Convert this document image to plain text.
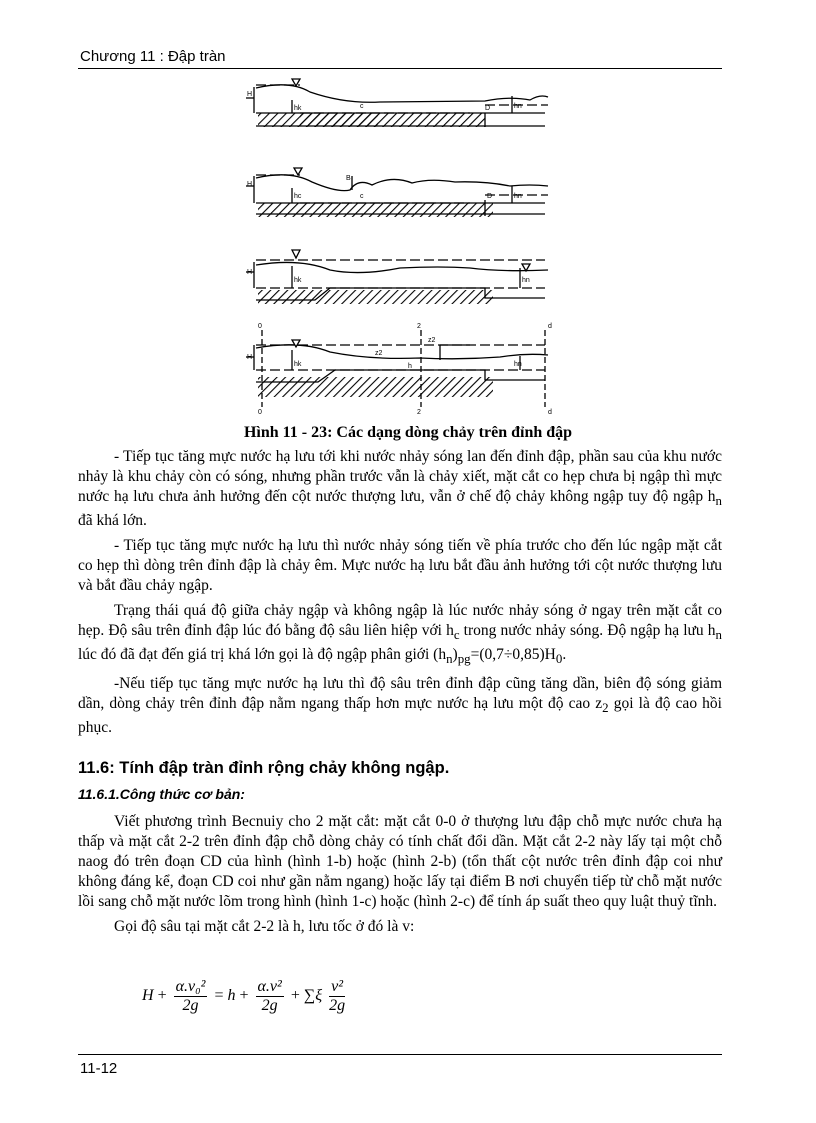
Chương 11 : Đập tràn
H
hk	c	D	hn
H
hc
B
c	D	hn
H
hk	hn
H
hk
z2
z2
h	hn
0
0
2
2
d
d
Hình 11 - 23: Các dạng dòng chảy trên đỉnh đập

- Tiếp tục tăng mực nước hạ lưu tới khi nước nhảy sóng lan đến đỉnh đập, phần sau của khu nước nhảy là khu chảy còn có sóng, nhưng phần trước vẫn là chảy xiết, mặt cắt co hẹp chưa bị ngập thì mực nước hạ lưu chưa ảnh hưởng đến cột nước thượng lưu, vẫn ở chế độ chảy không ngập tuy độ ngập $h_n$ đã khá lớn.

- Tiếp tục tăng mực nước hạ lưu thì nước nhảy sóng tiến về phía trước cho đến lúc ngập mặt cắt co hẹp thì dòng trên đỉnh đập là chảy êm. Mực nước hạ lưu bắt đầu ảnh hưởng tới cột nước thượng lưu và bắt đầu chảy ngập.

Trạng thái quá độ giữa chảy ngập và không ngập là lúc nước nhảy sóng ở ngay trên mặt cắt co hẹp. Độ sâu trên đỉnh đập lúc đó bằng độ sâu liên hiệp với $h_c$ trong nước nhảy sóng. Độ ngập hạ lưu $h_n$ lúc đó đã đạt đến giá trị khá lớn gọi là độ ngập phân giới $(h_n)_{pg}=(0,7\div 0,85)H_0$.

-Nếu tiếp tục tăng mực nước hạ lưu thì độ sâu trên đỉnh đập cũng tăng dần, biên độ sóng giảm dần, dòng chảy trên đỉnh đập nằm ngang thấp hơn mực nước hạ lưu một độ cao $z_2$ gọi là độ cao hồi phục.

11.6: Tính đập tràn đỉnh rộng chảy không ngập.
11.6.1.Công thức cơ bản:

Viết phương trình Becnuiy cho 2 mặt cắt: mặt cắt 0-0 ở thượng lưu đập chỗ mực nước chưa hạ thấp và mặt cắt 2-2 trên đỉnh đập chỗ dòng chảy có tính chất đổi dần. Mặt cắt 2-2 này lấy tại một chỗ naog đó trên đoạn CD của hình (hình 1-b) hoặc (hình 2-b) (tổn thất cột nước trên đỉnh đập coi như không đáng kể, đoạn CD coi như gần nằm ngang) hoặc lấy tại điểm B nơi chuyển tiếp từ chỗ mặt nước lồi sang chỗ mặt nước lõm trong hình (hình 1-c) hoặc (hình 2-c) để tính áp suất theo quy luật thuỷ tĩnh.

Gọi độ sâu tại mặt cắt 2-2 là h, lưu tốc ở đó là v:

$H + \frac{\text{α.v₀²}}{2g} = h + \frac{\text{α.v²}}{2g} + \sum\xi \frac{\text{v²}}{2g}$
11-12
